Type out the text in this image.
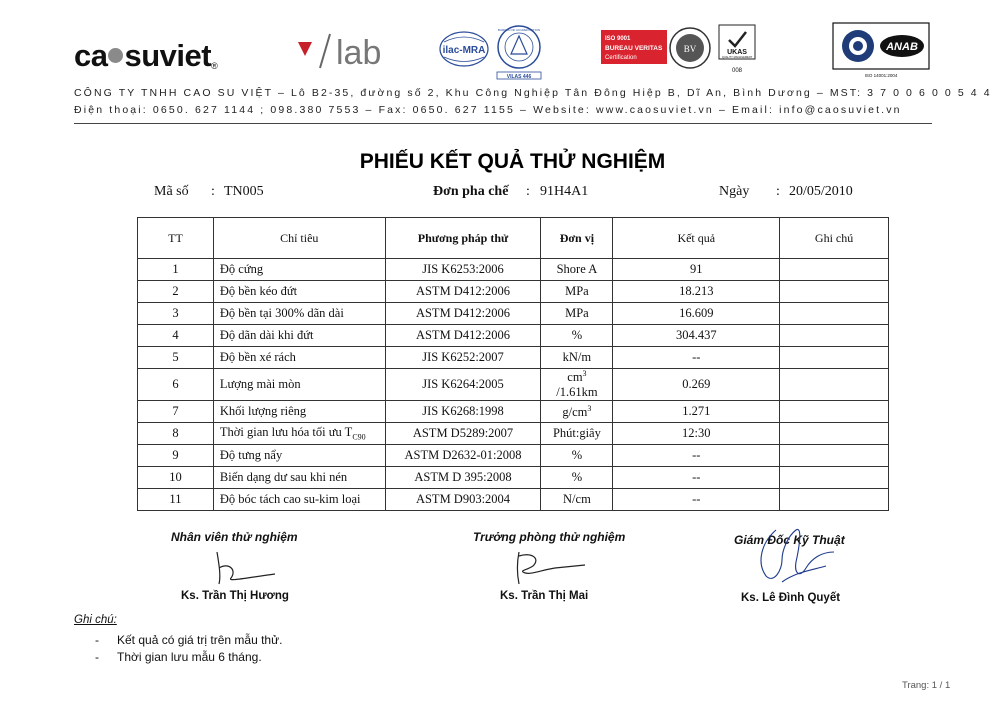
ca suviet®	lab	ilac-MRA
BUREAU OF ACCREDITATION
VILAS 446
ISO 9001
BUREAU VERITAS
Certification
BV	UKAS
QUALITY MANAGEMENT
008
BSI
ANAB
ISO 14001:2004
CÔNG TY TNHH CAO SU VIỆT – Lô B2-35, đường số 2, Khu Công Nghiệp Tân Đông Hiệp B, Dĩ An, Bình Dương – MST: 3 7 0 0 6 0 0 5 4 4
Điện thoại: 0650. 627 1144 ; 098.380 7553 – Fax: 0650. 627 1155 – Website: www.caosuviet.vn – Email: info@caosuviet.vn
PHIẾU KẾT QUẢ THỬ NGHIỆM
Mã số : TN005	Đơn pha chế : 91H4A1	Ngày : 20/05/2010
TT	Chỉ tiêu	Phương pháp thử	Đơn vị	Kết quả	Ghi chú
1	Độ cứng	JIS K6253:2006	Shore A	91	
2	Độ bền kéo đứt	ASTM D412:2006	MPa	18.213	
3	Độ bền tại 300% dãn dài	ASTM D412:2006	MPa	16.609	
4	Độ dãn dài khi đứt	ASTM D412:2006	%	304.437	
5	Độ bền xé rách	JIS K6252:2007	kN/m	--	
6	Lượng mài mòn	JIS K6264:2005	$cm^3$ /1.61km	0.269	
7	Khối lượng riêng	JIS K6268:1998	$g/cm^3$	1.271	
8	Thời gian lưu hóa tối ưu $T_{C90}$	ASTM D5289:2007	Phút:giây	12:30	
9	Độ tưng nẩy	ASTM D2632-01:2008	%	--	
10	Biến dạng dư sau khi nén	ASTM D 395:2008	%	--	
11	Độ bóc tách cao su-kim loại	ASTM D903:2004	N/cm	--	
Nhân viên thử nghiệm
Ks. Trần Thị Hương
Trưởng phòng thử nghiệm
Ks. Trần Thị Mai
Giám Đốc Kỹ Thuật
Ks. Lê Đình Quyết
Ghi chú:
- Kết quả có giá trị trên mẫu thử.
- Thời gian lưu mẫu 6 tháng.
Trang: 1 / 1
